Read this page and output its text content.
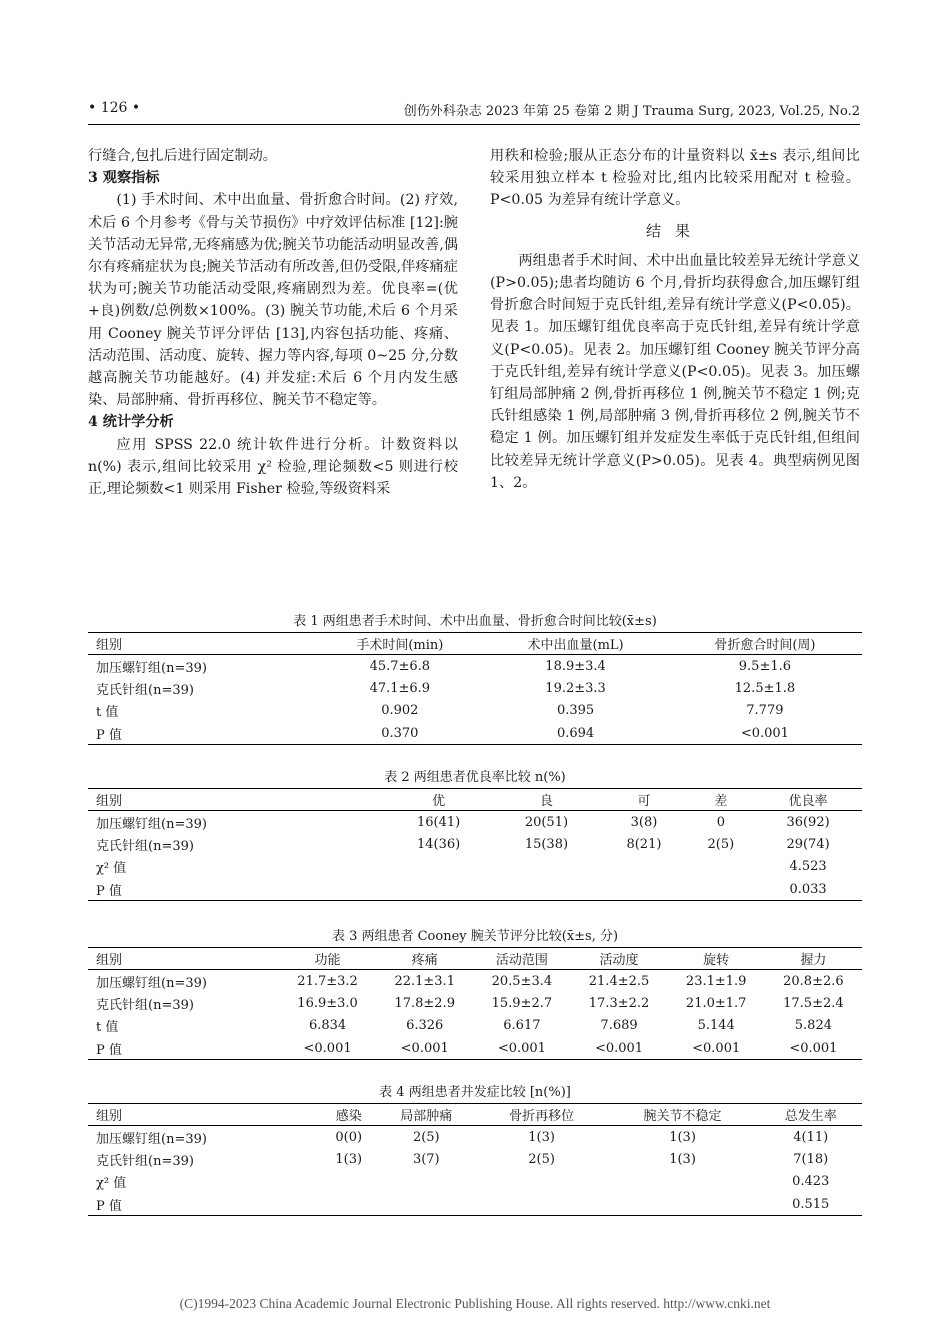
• 126 •	创伤外科杂志 2023 年第 25 卷第 2 期 J Trauma Surg, 2023, Vol.25, No.2

行缝合,包扎后进行固定制动。

3 观察指标

(1) 手术时间、术中出血量、骨折愈合时间。(2) 疗效,术后 6 个月参考《骨与关节损伤》中疗效评估标准 [12]:腕关节活动无异常,无疼痛感为优;腕关节功能活动明显改善,偶尔有疼痛症状为良;腕关节活动有所改善,但仍受限,伴疼痛症状为可;腕关节功能活动受限,疼痛剧烈为差。优良率=(优+良)例数/总例数×100%。(3) 腕关节功能,术后 6 个月采用 Cooney 腕关节评分评估 [13],内容包括功能、疼痛、活动范围、活动度、旋转、握力等内容,每项 0~25 分,分数越高腕关节功能越好。(4) 并发症:术后 6 个月内发生感染、局部肿痛、骨折再移位、腕关节不稳定等。

4 统计学分析

应用 SPSS 22.0 统计软件进行分析。计数资料以 n(%) 表示,组间比较采用 χ² 检验,理论频数<5 则进行校正,理论频数<1 则采用 Fisher 检验,等级资料采

用秩和检验;服从正态分布的计量资料以 x̄±s 表示,组间比较采用独立样本 t 检验对比,组内比较采用配对 t 检验。P<0.05 为差异有统计学意义。

结果

两组患者手术时间、术中出血量比较差异无统计学意义(P>0.05);患者均随访 6 个月,骨折均获得愈合,加压螺钉组骨折愈合时间短于克氏针组,差异有统计学意义(P<0.05)。见表 1。加压螺钉组优良率高于克氏针组,差异有统计学意义(P<0.05)。见表 2。加压螺钉组 Cooney 腕关节评分高于克氏针组,差异有统计学意义(P<0.05)。见表 3。加压螺钉组局部肿痛 2 例,骨折再移位 1 例,腕关节不稳定 1 例;克氏针组感染 1 例,局部肿痛 3 例,骨折再移位 2 例,腕关节不稳定 1 例。加压螺钉组并发症发生率低于克氏针组,但组间比较差异无统计学意义(P>0.05)。见表 4。典型病例见图 1、2。

表 1 两组患者手术时间、术中出血量、骨折愈合时间比较(x̄±s)
组别	手术时间(min)	术中出血量(mL)	骨折愈合时间(周)
加压螺钉组(n=39)	45.7±6.8	18.9±3.4	9.5±1.6
克氏针组(n=39)	47.1±6.9	19.2±3.3	12.5±1.8
t 值	0.902	0.395	7.779
P 值	0.370	0.694	<0.001
表 2 两组患者优良率比较 n(%)
组别	优	良	可	差	优良率
加压螺钉组(n=39)	16(41)	20(51)	3(8)	0	36(92)
克氏针组(n=39)	14(36)	15(38)	8(21)	2(5)	29(74)
χ² 值					4.523
P 值					0.033
表 3 两组患者 Cooney 腕关节评分比较(x̄±s, 分)
组别	功能	疼痛	活动范围	活动度	旋转	握力
加压螺钉组(n=39)	21.7±3.2	22.1±3.1	20.5±3.4	21.4±2.5	23.1±1.9	20.8±2.6
克氏针组(n=39)	16.9±3.0	17.8±2.9	15.9±2.7	17.3±2.2	21.0±1.7	17.5±2.4
t 值	6.834	6.326	6.617	7.689	5.144	5.824
P 值	<0.001	<0.001	<0.001	<0.001	<0.001	<0.001
表 4 两组患者并发症比较 [n(%)]
组别	感染	局部肿痛	骨折再移位	腕关节不稳定	总发生率
加压螺钉组(n=39)	0(0)	2(5)	1(3)	1(3)	4(11)
克氏针组(n=39)	1(3)	3(7)	2(5)	1(3)	7(18)
χ² 值					0.423
P 值					0.515
(C)1994-2023 China Academic Journal Electronic Publishing House. All rights reserved. http://www.cnki.net
